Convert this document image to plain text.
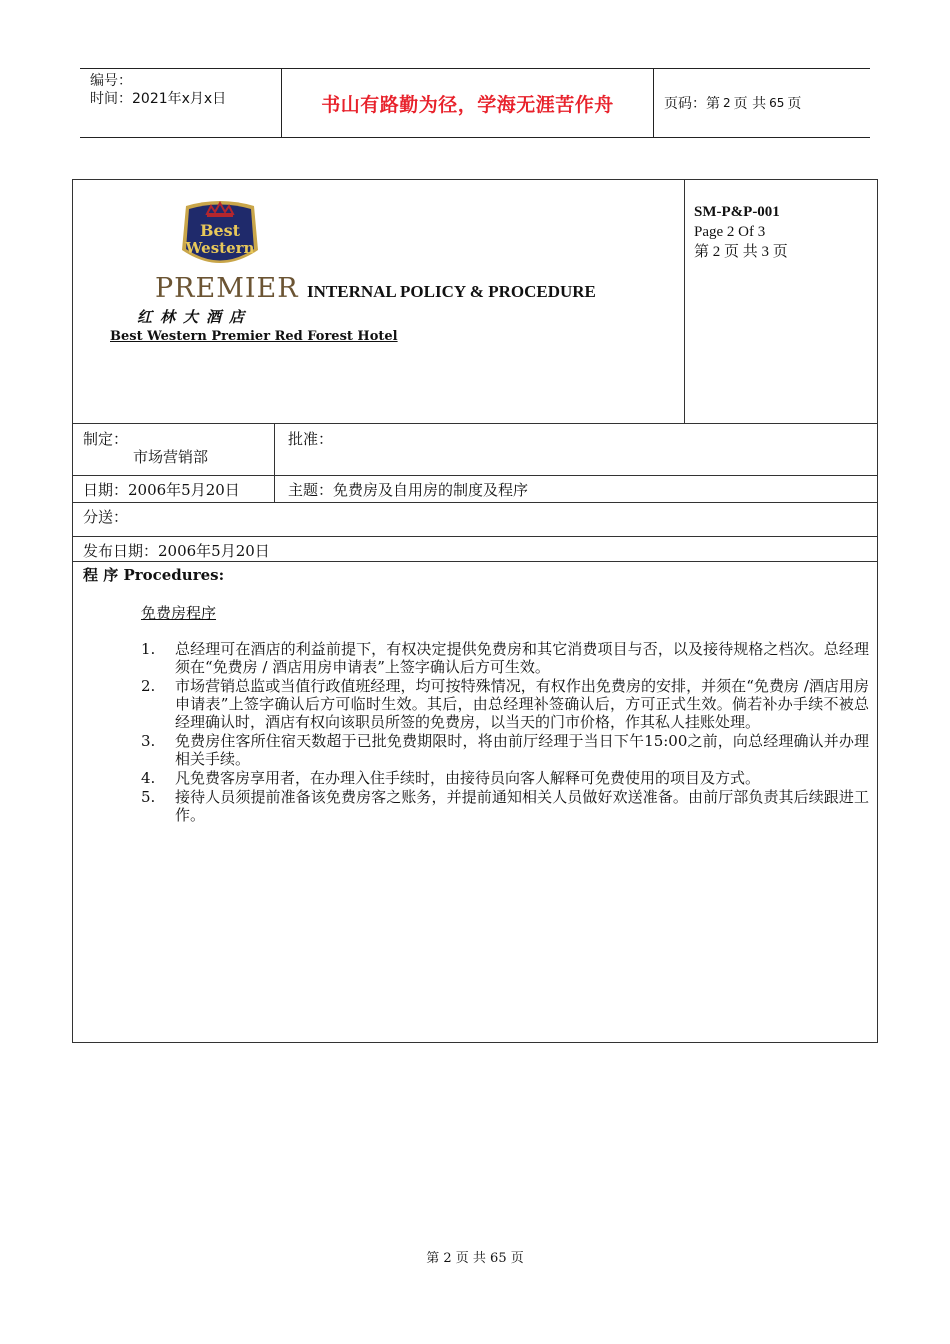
编号：
时间：2021年x月x日	书山有路勤为径，学海无涯苦作舟	页码：第 2 页 共 65 页
Best
Western
PREMIER
红林大酒店
Best Western Premier Red Forest Hotel
INTERNAL POLICY & PROCEDURE
SM-P&P-001
Page 2 Of 3
第 2 页 共 3 页
制定：
市场营销部
批准：
日期：2006年5月20日	主题：免费房及自用房的制度及程序
分送：
发布日期：2006年5月20日
程 序 Procedures:
免费房程序
1. 总经理可在酒店的利益前提下，有权决定提供免费房和其它消费项目与否，以及接待规格之档次。总经理须在“免费房 / 酒店用房申请表”上签字确认后方可生效。
2. 市场营销总监或当值行政值班经理，均可按特殊情况，有权作出免费房的安排，并须在“免费房 /酒店用房申请表”上签字确认后方可临时生效。其后，由总经理补签确认后，方可正式生效。倘若补办手续不被总经理确认时，酒店有权向该职员所签的免费房，以当天的门市价格，作其私人挂账处理。
3. 免费房住客所住宿天数超于已批免费期限时，将由前厅经理于当日下午15:00之前，向总经理确认并办理相关手续。
4. 凡免费客房享用者，在办理入住手续时，由接待员向客人解释可免费使用的项目及方式。
5. 接待人员须提前准备该免费房客之账务，并提前通知相关人员做好欢送准备。由前厅部负责其后续跟进工作。
第 2 页 共 65 页
